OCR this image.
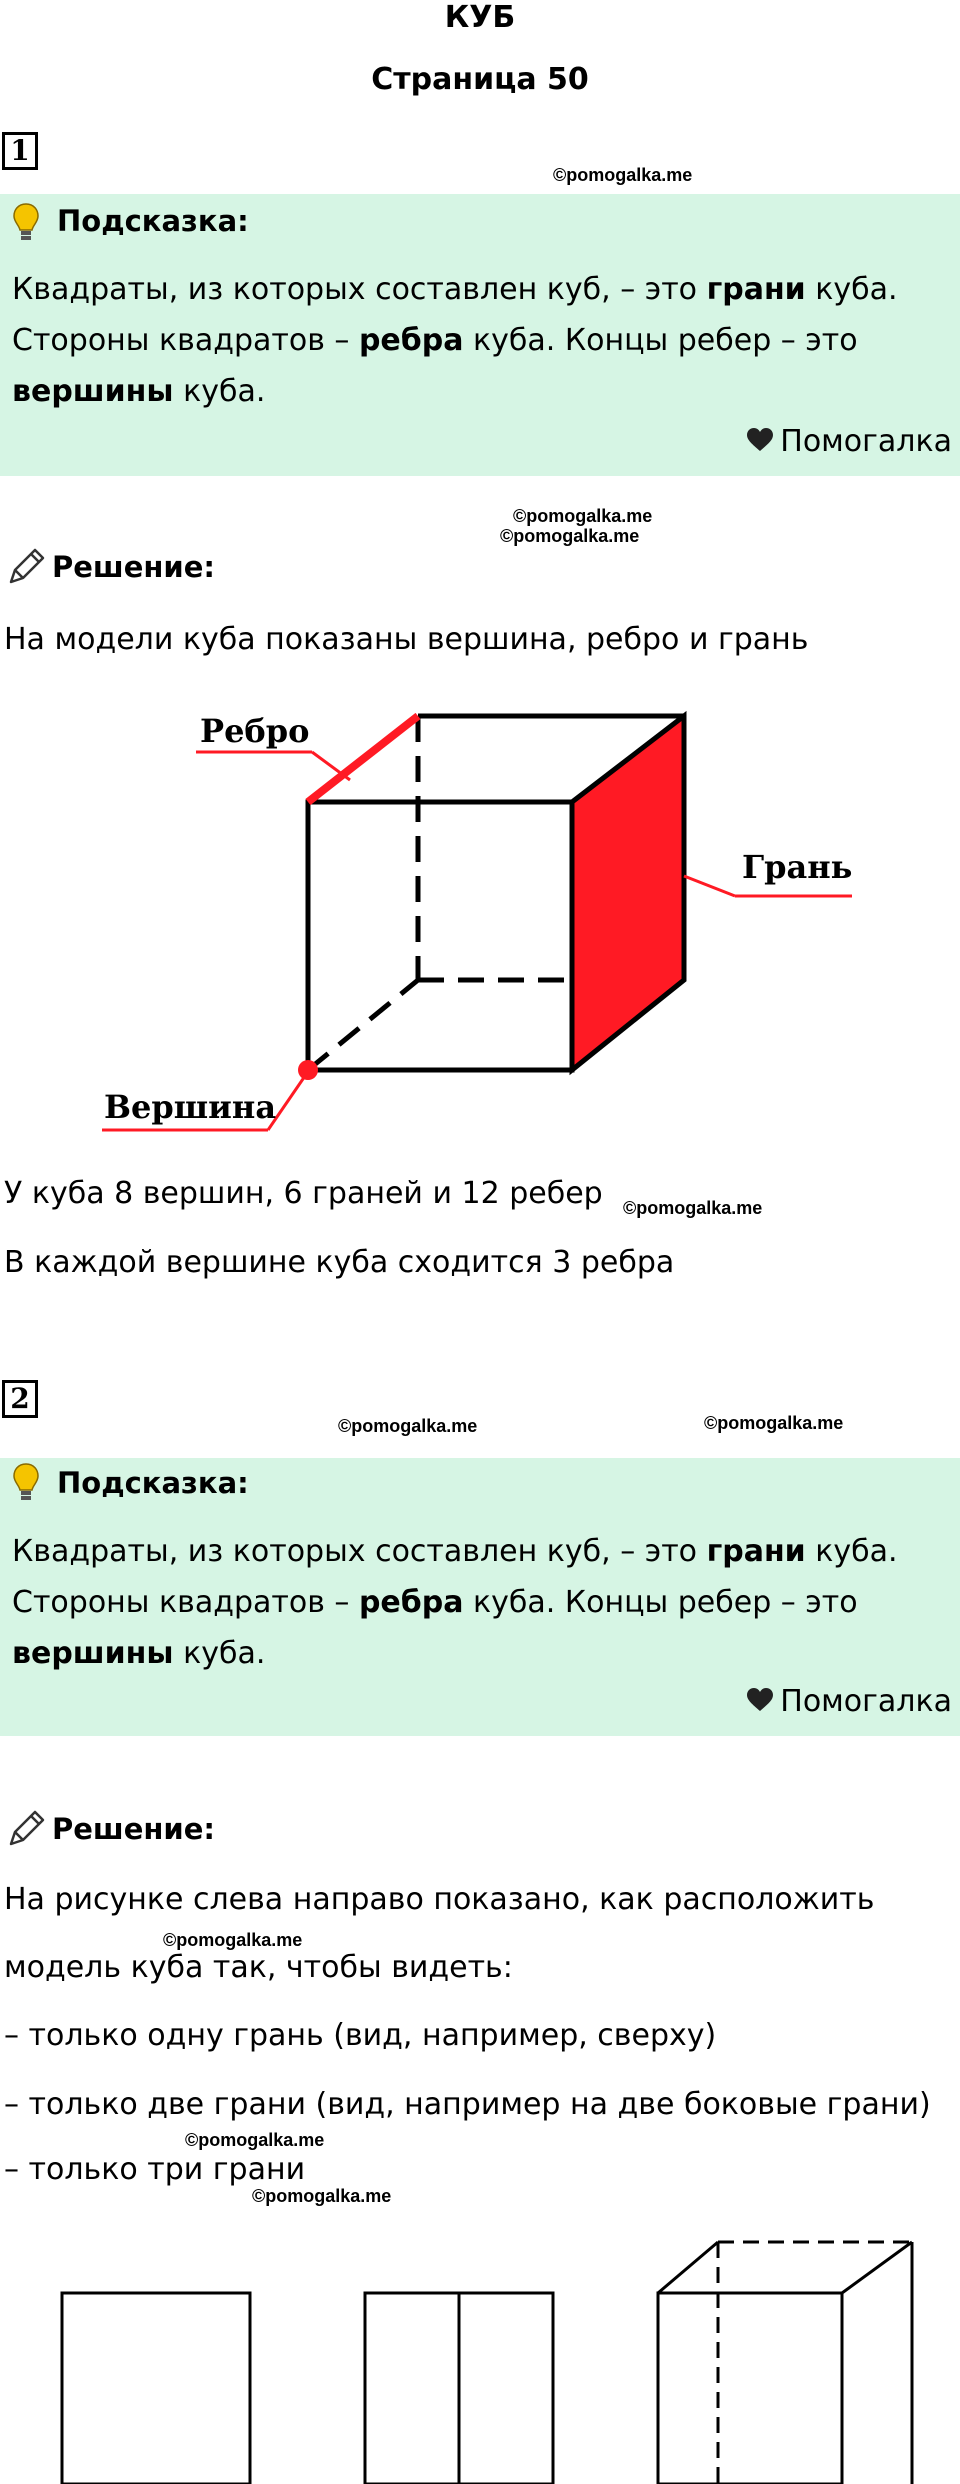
КУБ
Страница 50
1
©pomogalka.me
Подсказка:
Квадраты, из которых составлен куб, – это грани куба.
Стороны квадратов – ребра куба. Концы ребер – это
вершины куба.
Помогалка
©pomogalka.me
©pomogalka.me
Решение:
На модели куба показаны вершина, ребро и грань
Ребро
Грань
Вершина
У куба 8 вершин, 6 граней и 12 ребер ©pomogalka.me
В каждой вершине куба сходится 3 ребра
2
©pomogalka.me	©pomogalka.me
Подсказка:
Квадраты, из которых составлен куб, – это грани куба.
Стороны квадратов – ребра куба. Концы ребер – это
вершины куба.
Помогалка
Решение:
На рисунке слева направо показано, как расположить
©pomogalka.me
модель куба так, чтобы видеть:
– только одну грань (вид, например, сверху)
– только две грани (вид, например на две боковые грани)
©pomogalka.me
– только три грани
©pomogalka.me
